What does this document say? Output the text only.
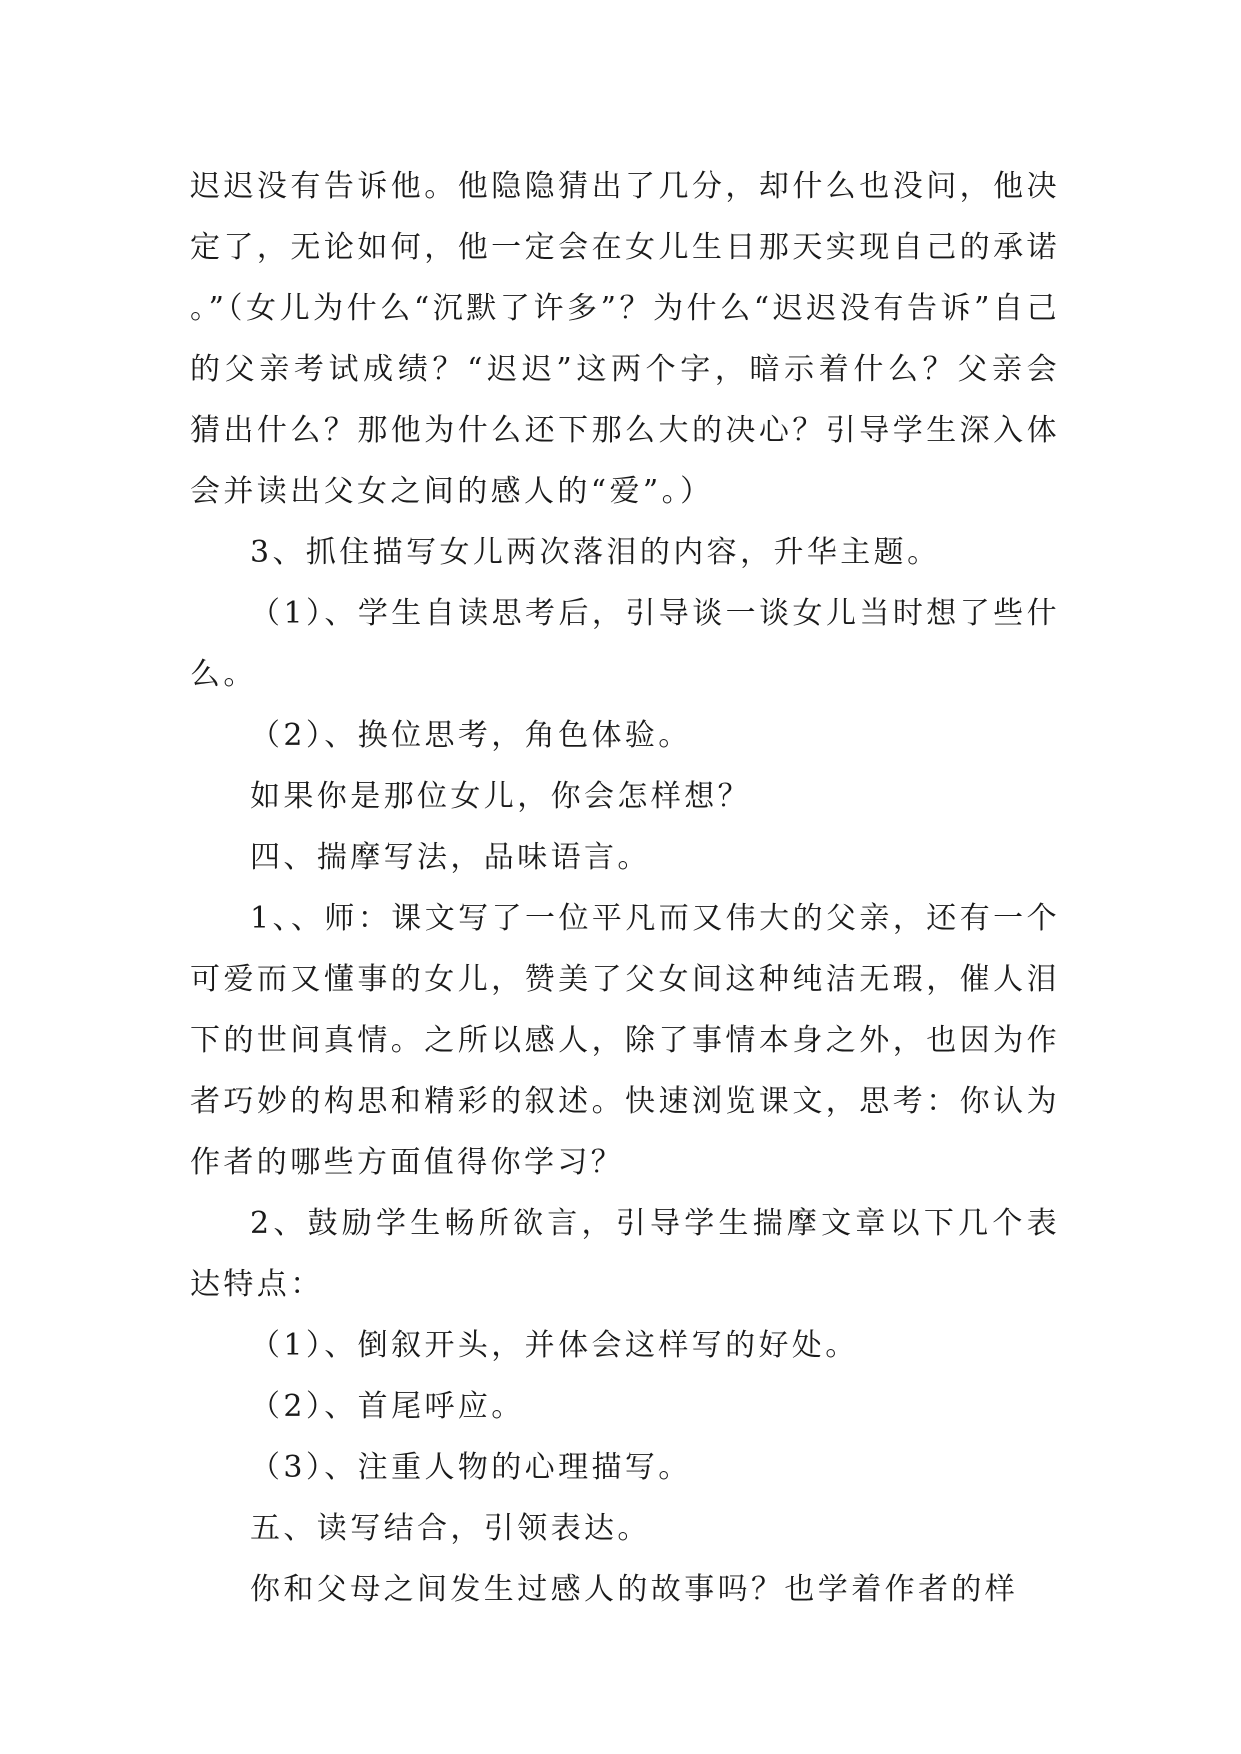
迟迟没有告诉他。他隐隐猜出了几分，却什么也没问，他决定了，无论如何，他一定会在女儿生日那天实现自己的承诺。”（女儿为什么“沉默了许多”？为什么“迟迟没有告诉”自己的父亲考试成绩？“迟迟”这两个字，暗示着什么？父亲会猜出什么？那他为什么还下那么大的决心？引导学生深入体会并读出父女之间的感人的“爱”。）

3、抓住描写女儿两次落泪的内容，升华主题。

（1）、学生自读思考后，引导谈一谈女儿当时想了些什么。

（2）、换位思考，角色体验。

如果你是那位女儿，你会怎样想？

四、揣摩写法，品味语言。

1、、师：课文写了一位平凡而又伟大的父亲，还有一个可爱而又懂事的女儿，赞美了父女间这种纯洁无瑕，催人泪下的世间真情。之所以感人，除了事情本身之外，也因为作者巧妙的构思和精彩的叙述。快速浏览课文，思考：你认为作者的哪些方面值得你学习？

2、鼓励学生畅所欲言，引导学生揣摩文章以下几个表达特点：

（1）、倒叙开头，并体会这样写的好处。

（2）、首尾呼应。

（3）、注重人物的心理描写。

五、读写结合，引领表达。

你和父母之间发生过感人的故事吗？也学着作者的样
